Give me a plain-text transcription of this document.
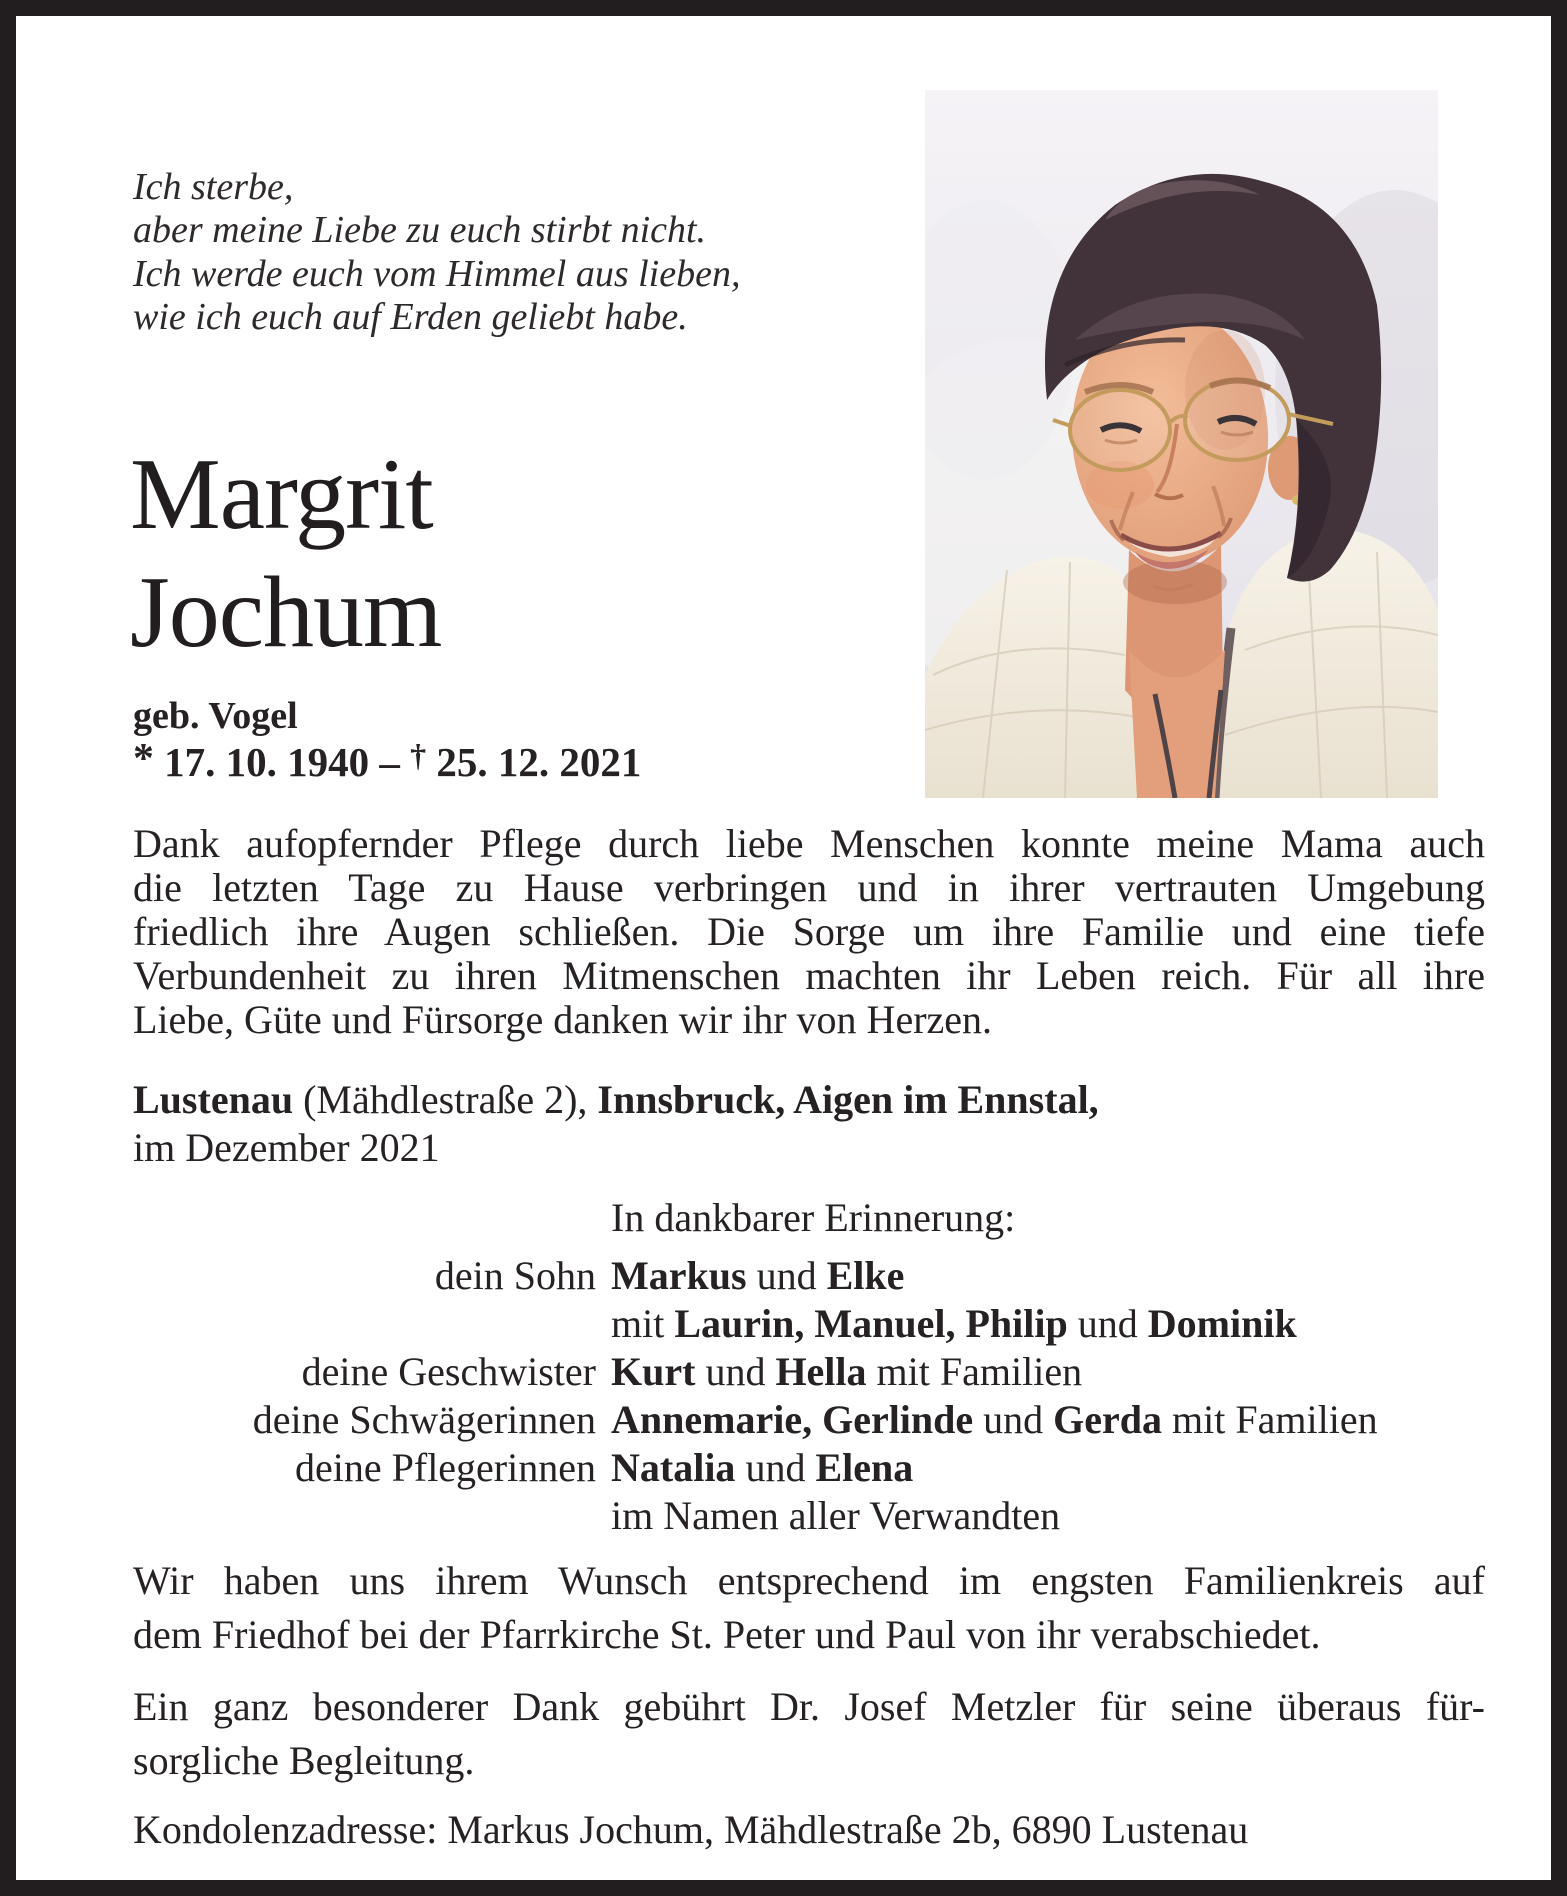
Ich sterbe,
aber meine Liebe zu euch stirbt nicht.
Ich werde euch vom Himmel aus lieben,
wie ich euch auf Erden geliebt habe.
Margrit
Jochum
geb. Vogel
* 17. 10. 1940 – † 25. 12. 2021
Dank aufopfernder Pflege durch liebe Menschen konnte meine Mama auch
die letzten Tage zu Hause verbringen und in ihrer vertrauten Umgebung
friedlich ihre Augen schließen. Die Sorge um ihre Familie und eine tiefe
Verbundenheit zu ihren Mitmenschen machten ihr Leben reich. Für all ihre
Liebe, Güte und Fürsorge danken wir ihr von Herzen.
Lustenau (Mähdlestraße 2), Innsbruck, Aigen im Ennstal,
im Dezember 2021
In dankbarer Erinnerung:
dein Sohn Markus und Elke
mit Laurin, Manuel, Philip und Dominik
deine Geschwister Kurt und Hella mit Familien
deine Schwägerinnen Annemarie, Gerlinde und Gerda mit Familien
deine Pflegerinnen Natalia und Elena
im Namen aller Verwandten
Wir haben uns ihrem Wunsch entsprechend im engsten Familienkreis auf
dem Friedhof bei der Pfarrkirche St. Peter und Paul von ihr verabschiedet.
Ein ganz besonderer Dank gebührt Dr. Josef Metzler für seine überaus für-
sorgliche Begleitung.
Kondolenzadresse: Markus Jochum, Mähdlestraße 2b, 6890 Lustenau
